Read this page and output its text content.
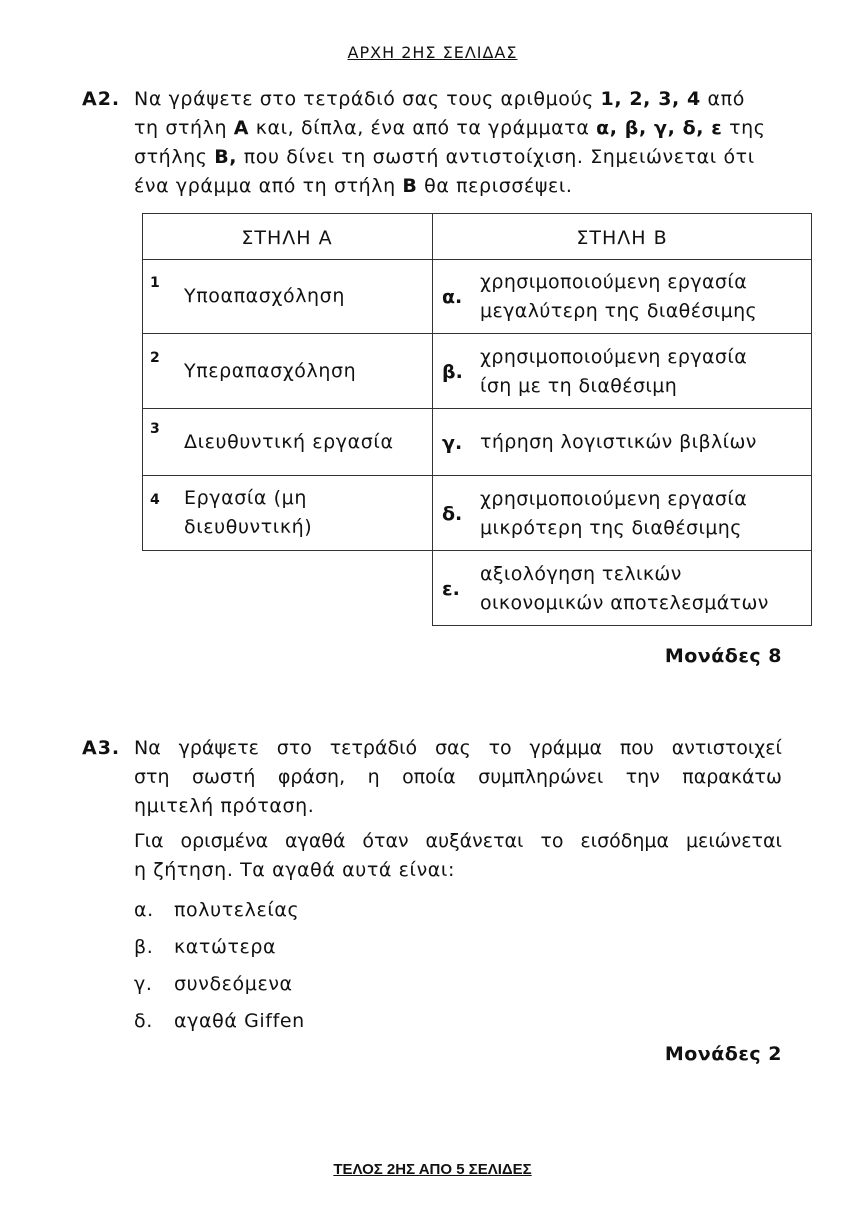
ΑΡΧΗ 2ΗΣ ΣΕΛΙΔΑΣ
Α2. Να γράψετε στο τετράδιό σας τους αριθμούς 1, 2, 3, 4 από
τη στήλη Α και, δίπλα, ένα από τα γράμματα α, β, γ, δ, ε της
στήλης Β, που δίνει τη σωστή αντιστοίχιση. Σημειώνεται ότι
ένα γράμμα από τη στήλη Β θα περισσέψει.
ΣΤΗΛΗ Α	ΣΤΗΛΗ Β
1
Υποαπασχόληση
2
Υπεραπασχόληση
3
Διευθυντική εργασία
4 Εργασία (μη
διευθυντική)
α.
χρησιμοποιούμενη εργασία
μεγαλύτερη της διαθέσιμης
β.
χρησιμοποιούμενη εργασία
ίση με τη διαθέσιμη
γ. τήρηση λογιστικών βιβλίων
δ.
χρησιμοποιούμενη εργασία
μικρότερη της διαθέσιμης
ε.
αξιολόγηση τελικών
οικονομικών αποτελεσμάτων
Μονάδες 8
Α3. Να γράψετε στο τετράδιό σας το γράμμα που αντιστοιχεί
στη σωστή φράση, η οποία συμπληρώνει την παρακάτω
ημιτελή πρόταση.
Για ορισμένα αγαθά όταν αυξάνεται το εισόδημα μειώνεται
η ζήτηση. Τα αγαθά αυτά είναι:
α. πολυτελείας
β. κατώτερα
γ. συνδεόμενα
δ. αγαθά Giffen
Μονάδες 2
ΤΕΛΟΣ 2ΗΣ ΑΠΟ 5 ΣΕΛΙΔΕΣ
